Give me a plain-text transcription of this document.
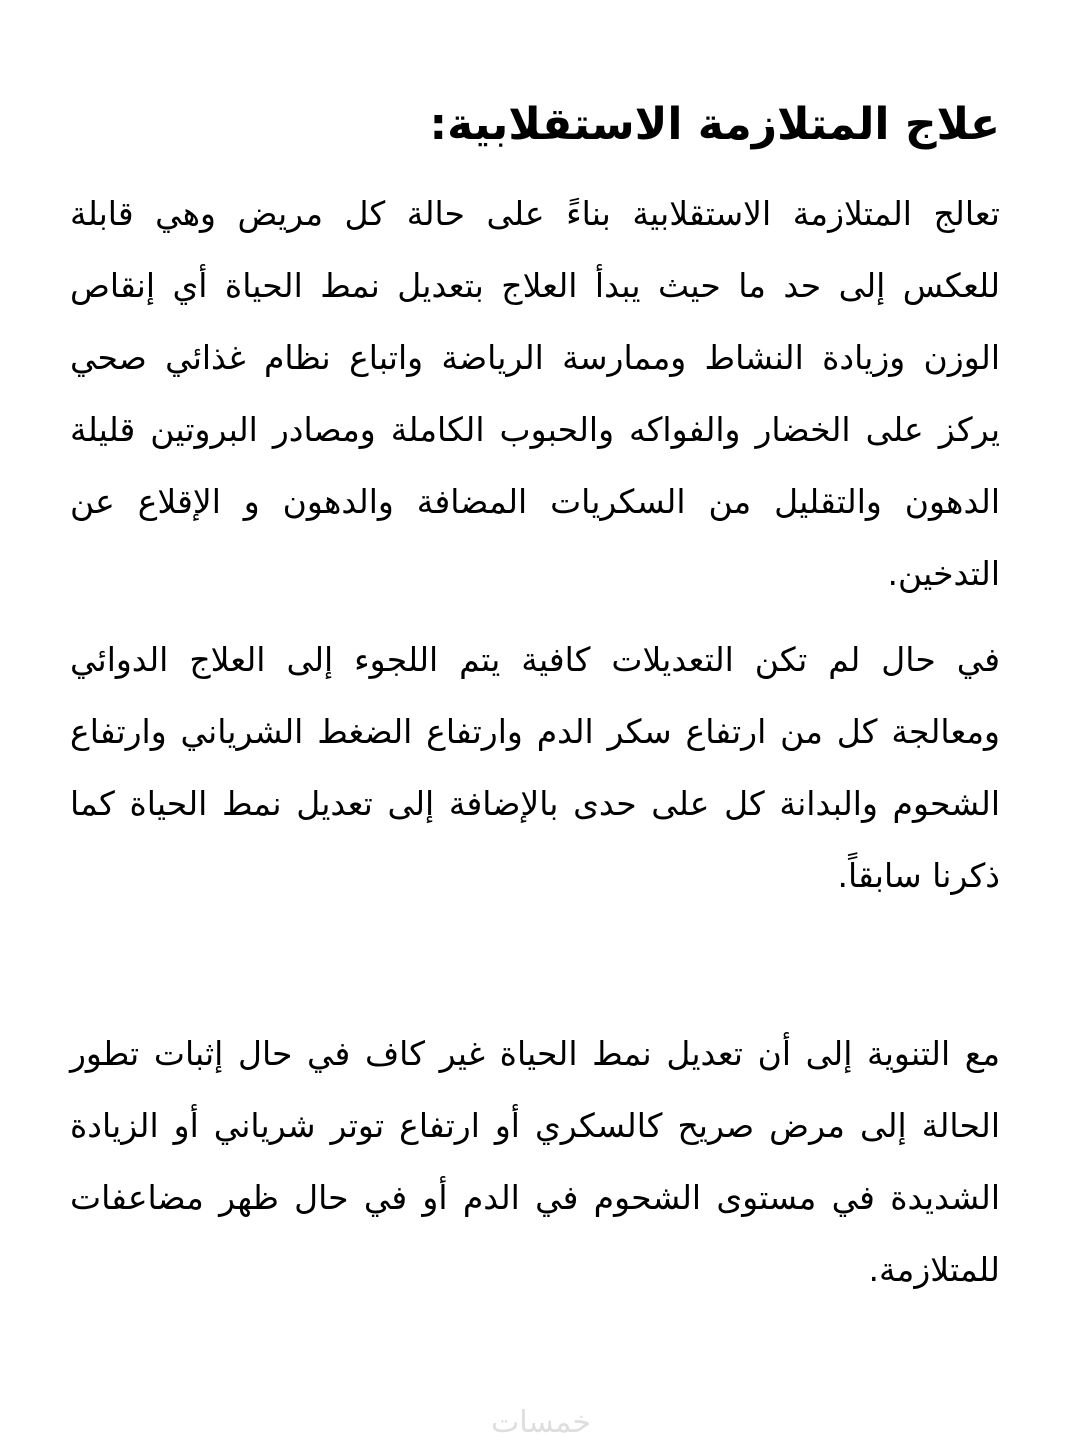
علاج المتلازمة الاستقلابية:

تعالج المتلازمة الاستقلابية بناءً على حالة كل مريض وهي قابلة للعكس إلى حد ما حيث يبدأ العلاج بتعديل نمط الحياة أي إنقاص الوزن وزيادة النشاط وممارسة الرياضة واتباع نظام غذائي صحي يركز على الخضار والفواكه والحبوب الكاملة ومصادر البروتين قليلة الدهون والتقليل من السكريات المضافة والدهون و الإقلاع عن التدخين.

في حال لم تكن التعديلات كافية يتم اللجوء إلى العلاج الدوائي ومعالجة كل من ارتفاع سكر الدم وارتفاع الضغط الشرياني وارتفاع الشحوم والبدانة كل على حدى بالإضافة إلى تعديل نمط الحياة كما ذكرنا سابقاً.

مع التنوية إلى أن تعديل نمط الحياة غير كاف في حال إثبات تطور الحالة إلى مرض صريح كالسكري أو ارتفاع توتر شرياني أو الزيادة الشديدة في مستوى الشحوم في الدم أو في حال ظهر مضاعفات للمتلازمة.

خمسات
